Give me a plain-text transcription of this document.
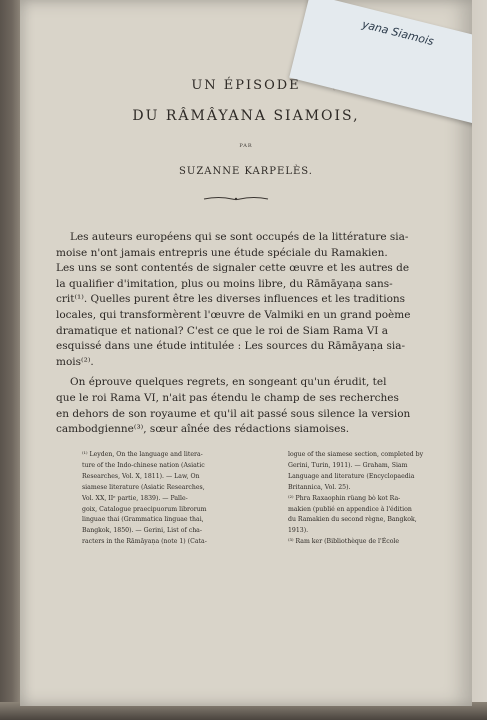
UN ÉPISODE
DU RÂMÂYANA SIAMOIS,
PAR
SUZANNE KARPELÈS.
Les auteurs européens qui se sont occupés de la littérature sia-
moise n'ont jamais entrepris une étude spéciale du Ramakien.
Les uns se sont contentés de signaler cette œuvre et les autres de
la qualifier d'imitation, plus ou moins libre, du Rāmāyaṇa sans-
crit⁽¹⁾. Quelles purent être les diverses influences et les traditions
locales, qui transformèrent l'œuvre de Valmiki en un grand poème
dramatique et national? C'est ce que le roi de Siam Rama VI a
esquissé dans une étude intitulée : Les sources du Rāmāyaṇa sia-
mois⁽²⁾.
On éprouve quelques regrets, en songeant qu'un érudit, tel
que le roi Rama VI, n'ait pas étendu le champ de ses recherches
en dehors de son royaume et qu'il ait passé sous silence la version
cambodgienne⁽³⁾, sœur aînée des rédactions siamoises.
⁽¹⁾ Leyden, On the language and litera-
ture of the Indo-chinese nation (Asiatic
Researches, Vol. X, 1811). — Law, On
siamese literature (Asiatic Researches,
Vol. XX, IIᵉ partie, 1839). — Palle-
goix, Catalogue praecipuorum librorum
linguae thai (Grammatica linguae thai,
Bangkok, 1850). — Gerini, List of cha-
racters in the Rāmāyaṇa (note 1) (Cata-
logue of the siamese section, completed by
Gerini, Turin, 1911). — Graham, Siam
Language and literature (Encyclopaedia
Britannica, Vol. 25).
⁽²⁾ Phra Raxaophin rüang bò kot Ra-
makien (publié en appendice à l'édition
du Ramakien du second règne, Bangkok,
1913).
⁽³⁾ Ram ker (Bibliothèque de l'École
yana Siamois
